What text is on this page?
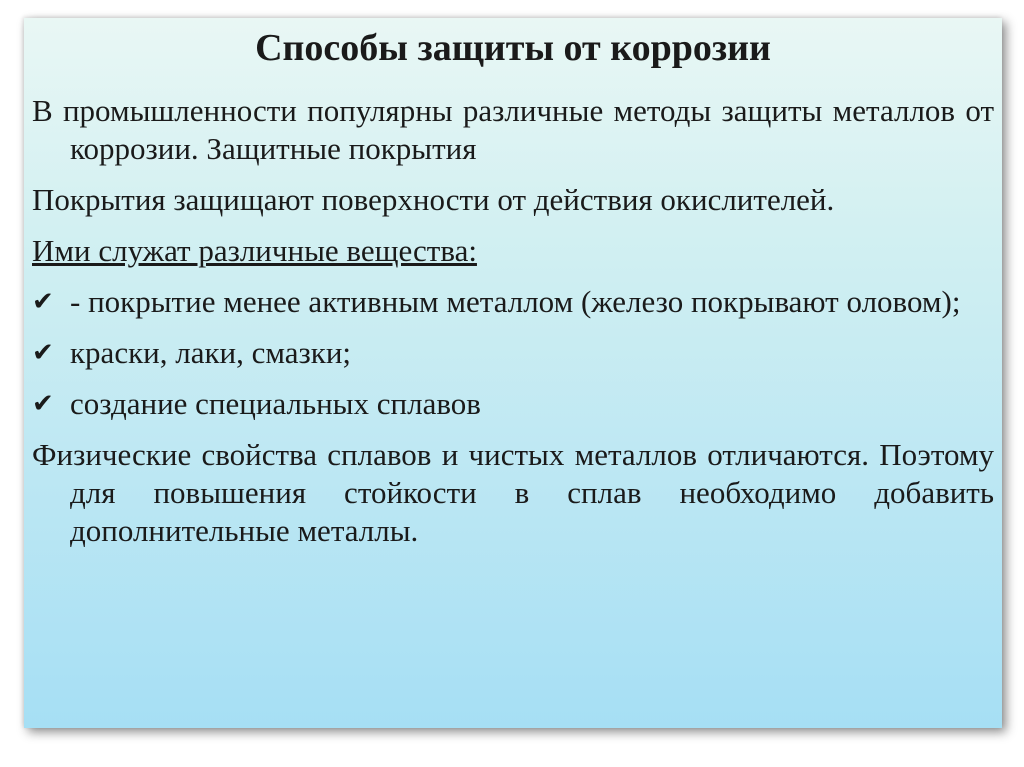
Способы защиты от коррозии

В промышленности популярны различные методы защиты металлов от коррозии. Защитные покрытия

Покрытия защищают поверхности от действия окислителей.

Ими служат различные вещества:

✔ - покрытие менее активным металлом (железо покрывают оловом);
✔ краски, лаки, смазки;
✔ создание специальных сплавов

Физические свойства сплавов и чистых металлов отличаются. Поэтому для повышения стойкости в сплав необходимо добавить дополнительные металлы.
